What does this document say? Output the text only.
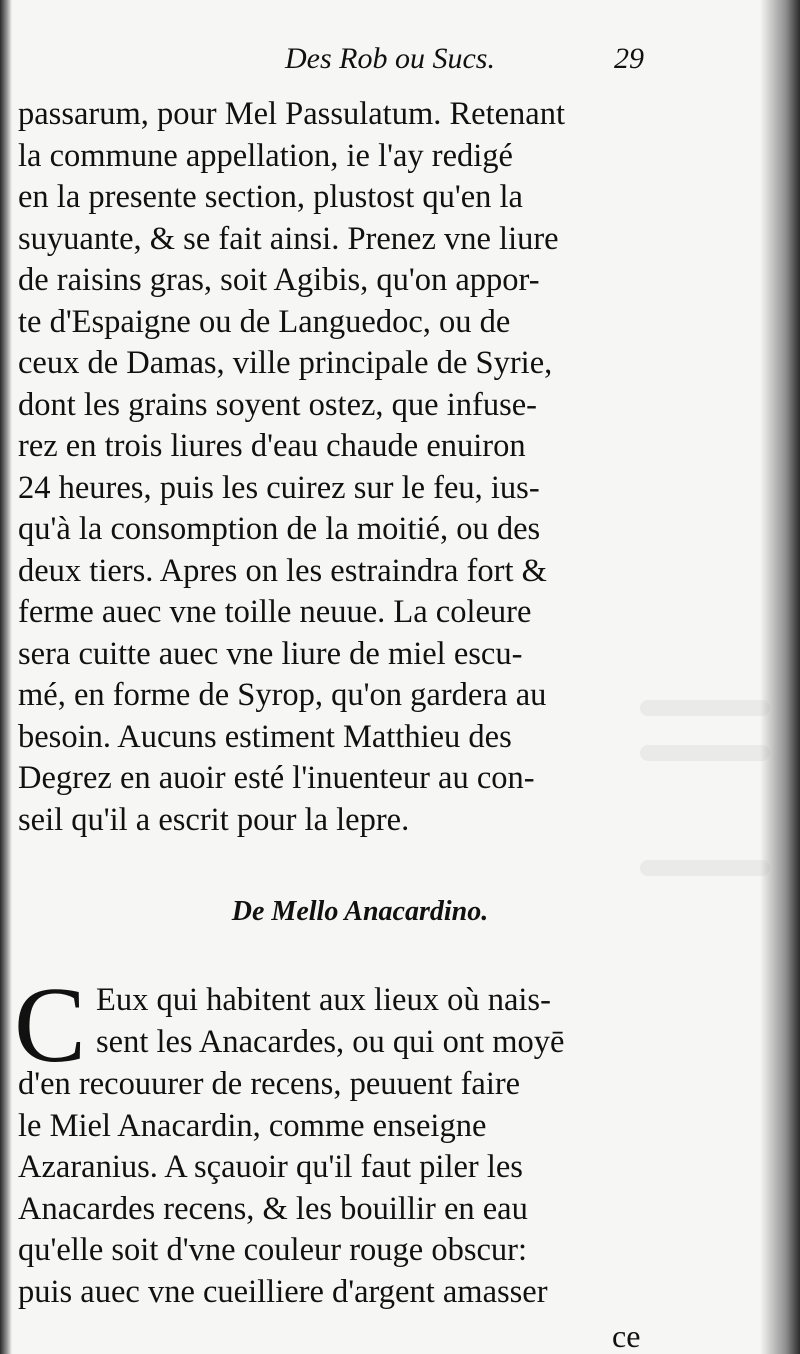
Des Rob ou Sucs.	29
passarum, pour Mel Passulatum. Retenant
la commune appellation, ie l'ay redigé
en la presente section, plustost qu'en la
suyuante, & se fait ainsi. Prenez vne liure
de raisins gras, soit Agibis, qu'on appor-
te d'Espaigne ou de Languedoc, ou de
ceux de Damas, ville principale de Syrie,
dont les grains soyent ostez, que infuse-
rez en trois liures d'eau chaude enuiron
24 heures, puis les cuirez sur le feu, ius-
qu'à la consomption de la moitié, ou des
deux tiers. Apres on les estraindra fort &
ferme auec vne toille neuue. La coleure
sera cuitte auec vne liure de miel escu-
mé, en forme de Syrop, qu'on gardera au
besoin. Aucuns estiment Matthieu des
Degrez en auoir esté l'inuenteur au con-
seil qu'il a escrit pour la lepre.
De Mello Anacardino.
C Eux qui habitent aux lieux où nais-
sent les Anacardes, ou qui ont moyē
d'en recouurer de recens, peuuent faire
le Miel Anacardin, comme enseigne
Azaranius. A sçauoir qu'il faut piler les
Anacardes recens, & les bouillir en eau
qu'elle soit d'vne couleur rouge obscur:
puis auec vne cueilliere d'argent amasser
ce
